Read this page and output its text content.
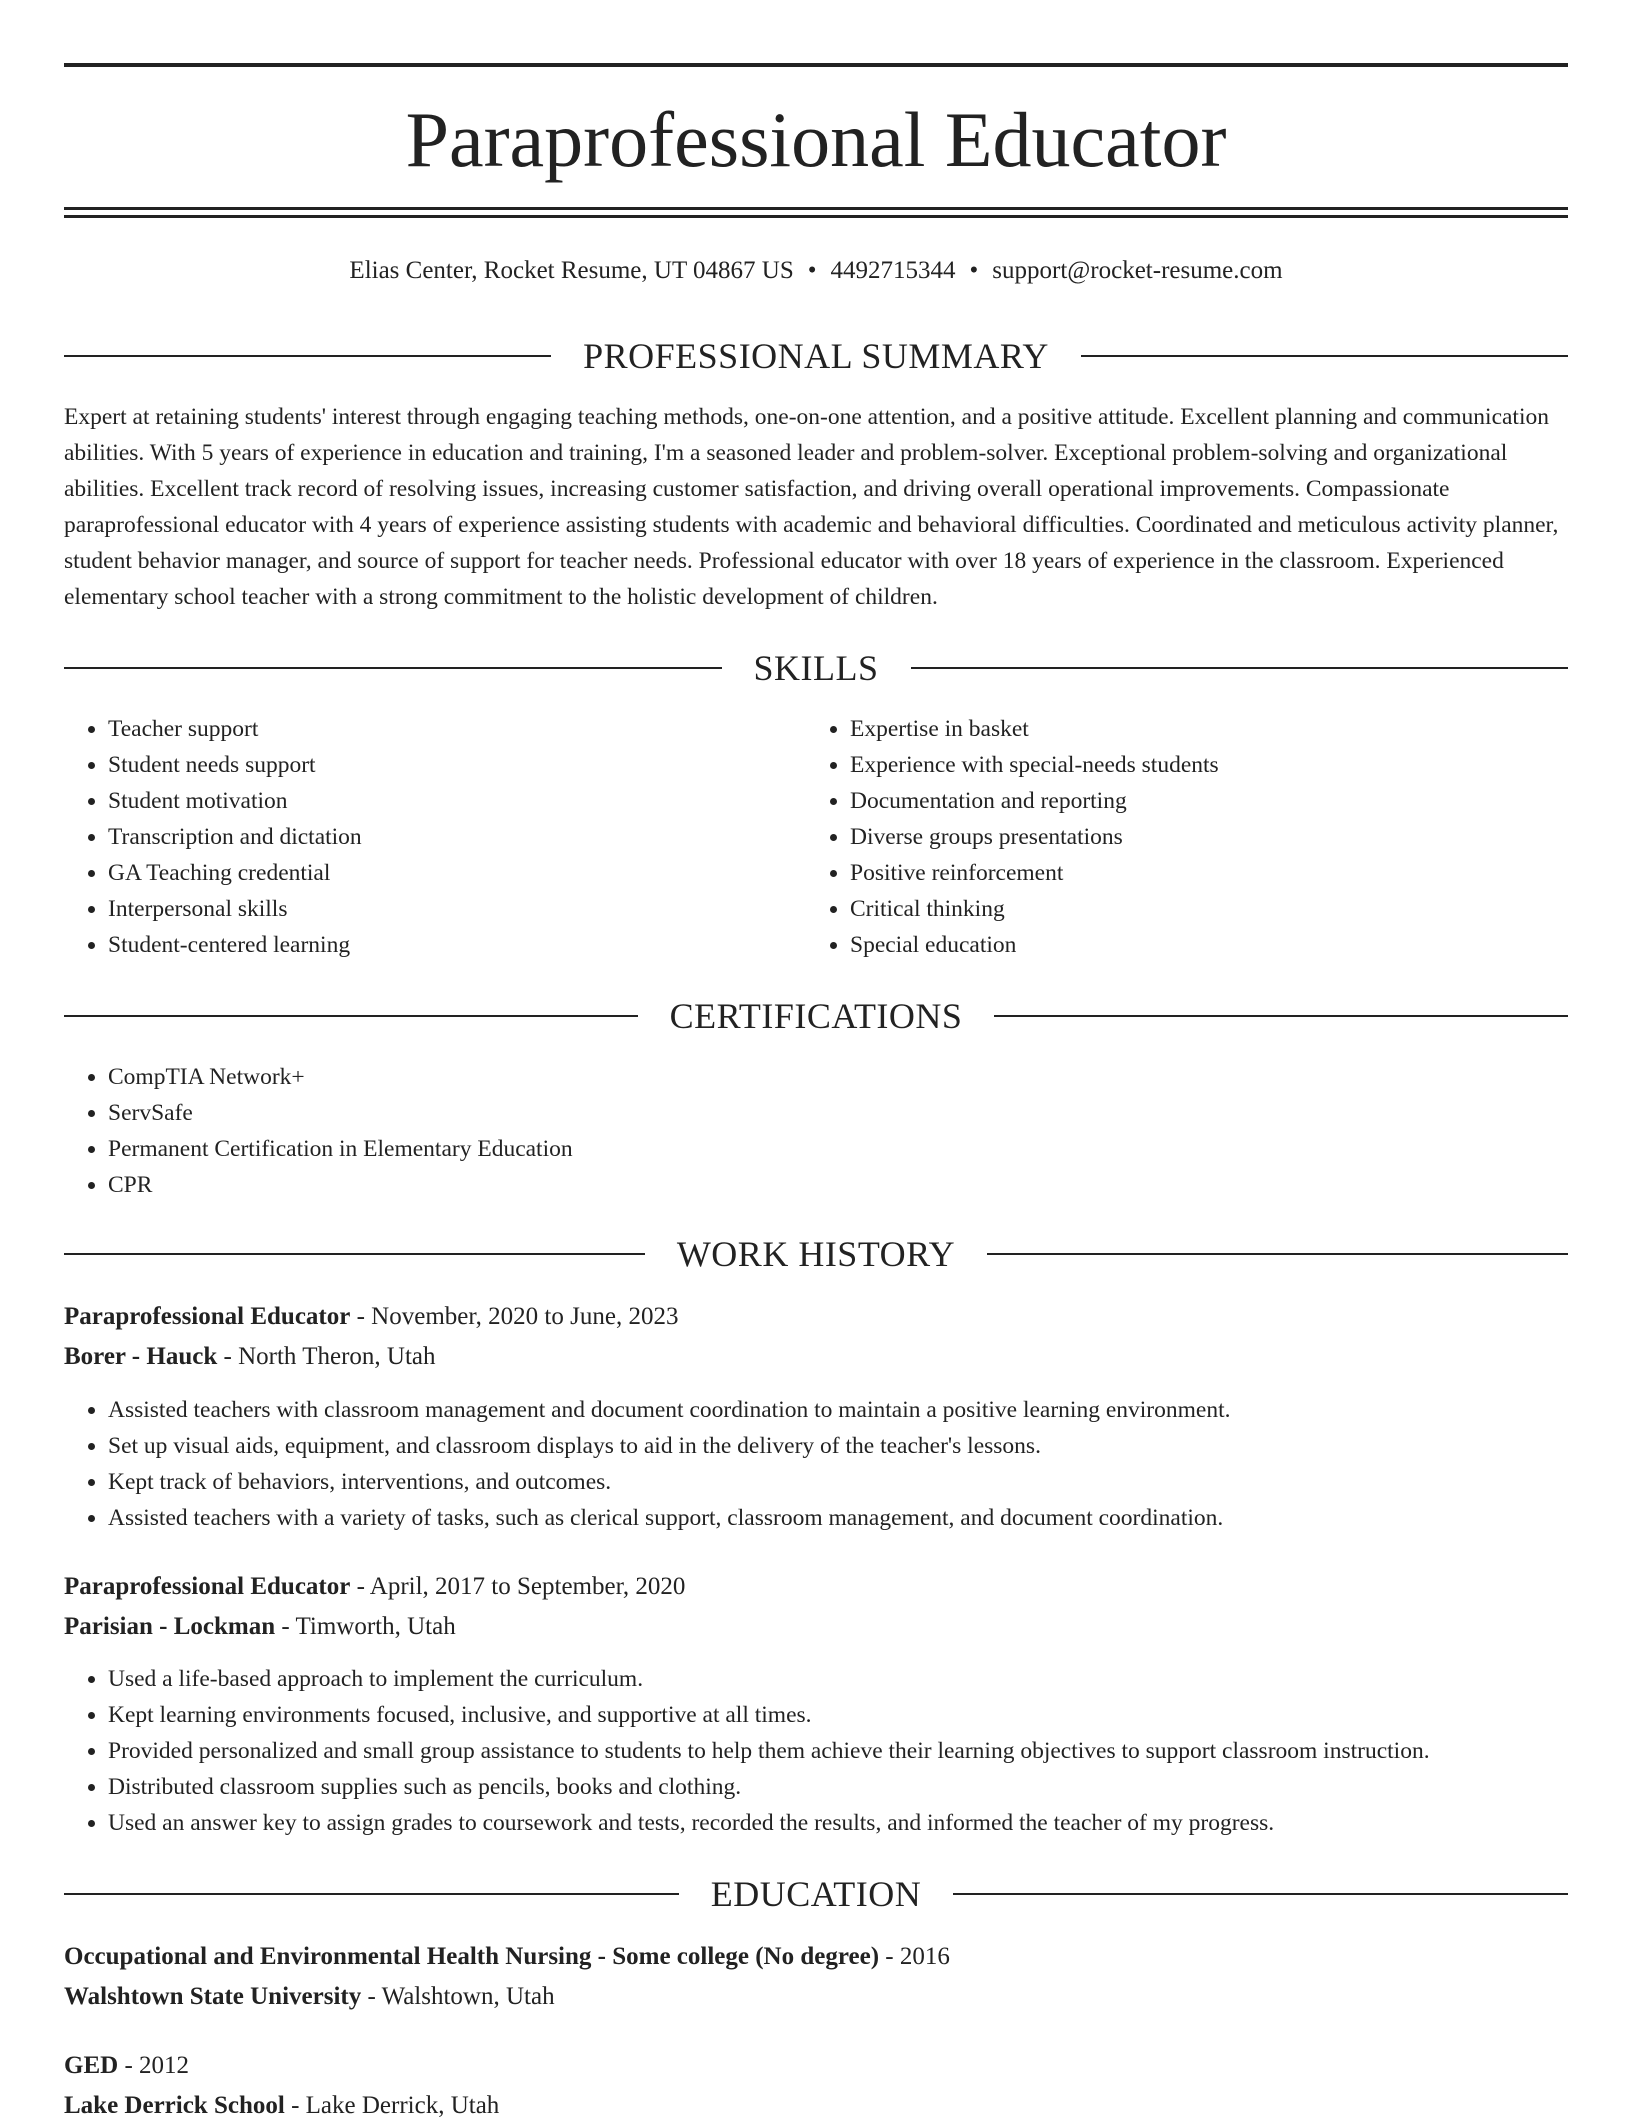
Paraprofessional Educator
Elias Center, Rocket Resume, UT 04867 US • 4492715344 • support@rocket-resume.com
PROFESSIONAL SUMMARY

Expert at retaining students' interest through engaging teaching methods, one-on-one attention, and a positive attitude. Excellent planning and communication abilities. With 5 years of experience in education and training, I'm a seasoned leader and problem-solver. Exceptional problem-solving and organizational abilities. Excellent track record of resolving issues, increasing customer satisfaction, and driving overall operational improvements. Compassionate paraprofessional educator with 4 years of experience assisting students with academic and behavioral difficulties. Coordinated and meticulous activity planner, student behavior manager, and source of support for teacher needs. Professional educator with over 18 years of experience in the classroom. Experienced elementary school teacher with a strong commitment to the holistic development of children.

SKILLS
• Teacher support
• Student needs support
• Student motivation
• Transcription and dictation
• GA Teaching credential
• Interpersonal skills
• Student-centered learning
• Expertise in basket
• Experience with special-needs students
• Documentation and reporting
• Diverse groups presentations
• Positive reinforcement
• Critical thinking
• Special education
CERTIFICATIONS
• CompTIA Network+
• ServSafe
• Permanent Certification in Elementary Education
• CPR
WORK HISTORY
Paraprofessional Educator - November, 2020 to June, 2023
Borer - Hauck - North Theron, Utah
• Assisted teachers with classroom management and document coordination to maintain a positive learning environment.
• Set up visual aids, equipment, and classroom displays to aid in the delivery of the teacher's lessons.
• Kept track of behaviors, interventions, and outcomes.
• Assisted teachers with a variety of tasks, such as clerical support, classroom management, and document coordination.
Paraprofessional Educator - April, 2017 to September, 2020
Parisian - Lockman - Timworth, Utah
• Used a life-based approach to implement the curriculum.
• Kept learning environments focused, inclusive, and supportive at all times.
• Provided personalized and small group assistance to students to help them achieve their learning objectives to support classroom instruction.
• Distributed classroom supplies such as pencils, books and clothing.
• Used an answer key to assign grades to coursework and tests, recorded the results, and informed the teacher of my progress.
EDUCATION
Occupational and Environmental Health Nursing - Some college (No degree) - 2016
Walshtown State University - Walshtown, Utah
GED - 2012
Lake Derrick School - Lake Derrick, Utah
